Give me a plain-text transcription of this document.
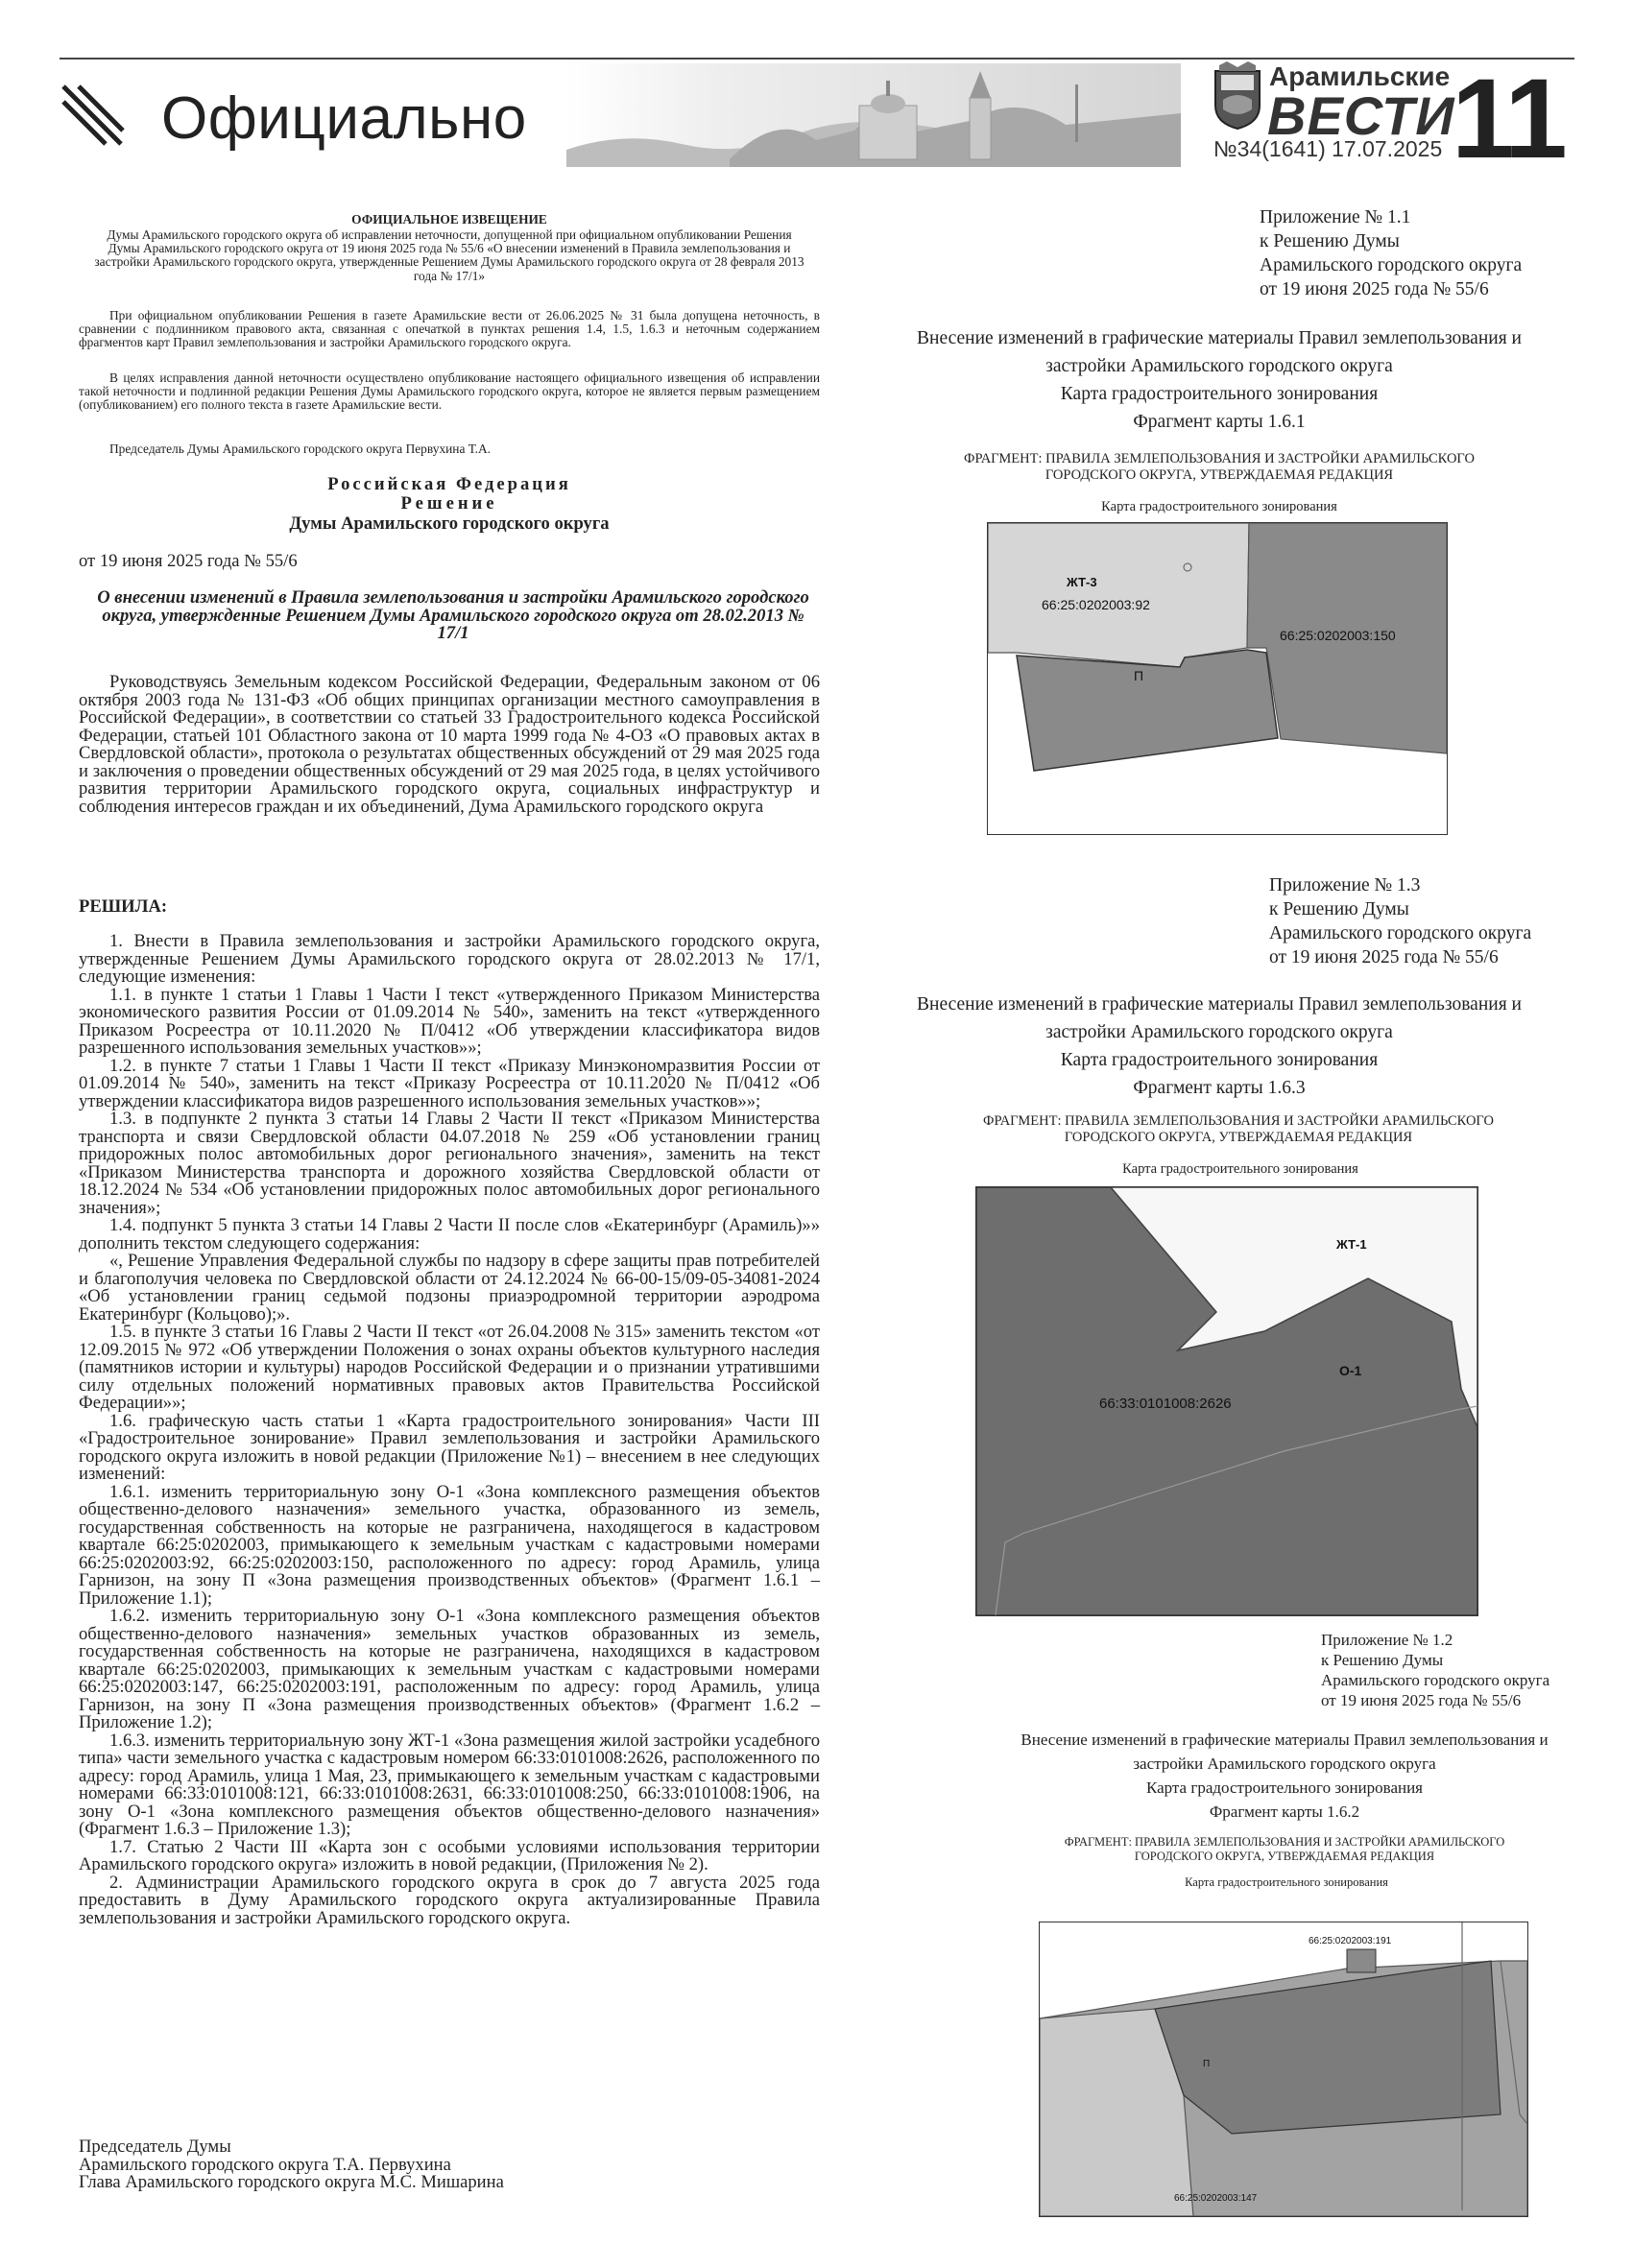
Официально
Арамильские
ВЕСТИ
№34(1641) 17.07.2025 11
ОФИЦИАЛЬНОЕ ИЗВЕЩЕНИЕ
Думы Арамильского городского округа об исправлении неточности, допущенной при официальном опубликовании Решения Думы Арамильского городского округа от 19 июня 2025 года № 55/6 «О внесении изменений в Правила землепользования и застройки Арамильского городского округа, утвержденные Решением Думы Арамильского городского округа от 28 февраля 2013 года № 17/1»
При официальном опубликовании Решения в газете Арамильские вести от 26.06.2025 № 31 была допущена неточность, в сравнении с подлинником правового акта, связанная с опечаткой в пунктах решения 1.4, 1.5, 1.6.3 и неточным содержанием фрагментов карт Правил землепользования и застройки Арамильского городского округа.
В целях исправления данной неточности осуществлено опубликование настоящего официального извещения об исправлении такой неточности и подлинной редакции Решения Думы Арамильского городского округа, которое не является первым размещением (опубликованием) его полного текста в газете Арамильские вести.
Председатель Думы Арамильского городского округа Первухина Т.А.
Российская Федерация
Решение
Думы Арамильского городского округа
от 19 июня 2025 года № 55/6
О внесении изменений в Правила землепользования и застройки Арамильского городского округа, утвержденные Решением Думы Арамильского городского округа от 28.02.2013 № 17/1
Руководствуясь Земельным кодексом Российской Федерации, Федеральным законом от 06 октября 2003 года № 131-ФЗ «Об общих принципах организации местного самоуправления в Российской Федерации», в соответствии со статьей 33 Градостроительного кодекса Российской Федерации, статьей 101 Областного закона от 10 марта 1999 года № 4-ОЗ «О правовых актах в Свердловской области», протокола о результатах общественных обсуждений от 29 мая 2025 года и заключения о проведении общественных обсуждений от 29 мая 2025 года, в целях устойчивого развития территории Арамильского городского округа, социальных инфраструктур и соблюдения интересов граждан и их объединений, Дума Арамильского городского округа
РЕШИЛА:

1. Внести в Правила землепользования и застройки Арамильского городского округа, утвержденные Решением Думы Арамильского городского округа от 28.02.2013 № 17/1, следующие изменения:

1.1. в пункте 1 статьи 1 Главы 1 Части I текст «утвержденного Приказом Министерства экономического развития России от 01.09.2014 № 540», заменить на текст «утвержденного Приказом Росреестра от 10.11.2020 № П/0412 «Об утверждении классификатора видов разрешенного использования земельных участков»»;

1.2. в пункте 7 статьи 1 Главы 1 Части II текст «Приказу Минэкономразвития России от 01.09.2014 № 540», заменить на текст «Приказу Росреестра от 10.11.2020 № П/0412 «Об утверждении классификатора видов разрешенного использования земельных участков»»;

1.3. в подпункте 2 пункта 3 статьи 14 Главы 2 Части II текст «Приказом Министерства транспорта и связи Свердловской области 04.07.2018 № 259 «Об установлении границ придорожных полос автомобильных дорог регионального значения», заменить на текст «Приказом Министерства транспорта и дорожного хозяйства Свердловской области от 18.12.2024 № 534 «Об установлении придорожных полос автомобильных дорог регионального значения»;

1.4. подпункт 5 пункта 3 статьи 14 Главы 2 Части II после слов «Екатеринбург (Арамиль)»» дополнить текстом следующего содержания:

«, Решение Управления Федеральной службы по надзору в сфере защиты прав потребителей и благополучия человека по Свердловской области от 24.12.2024 № 66-00-15/09-05-34081-2024 «Об установлении границ седьмой подзоны приаэродромной территории аэродрома Екатеринбург (Кольцово);».

1.5. в пункте 3 статьи 16 Главы 2 Части II текст «от 26.04.2008 № 315» заменить текстом «от 12.09.2015 № 972 «Об утверждении Положения о зонах охраны объектов культурного наследия (памятников истории и культуры) народов Российской Федерации и о признании утратившими силу отдельных положений нормативных правовых актов Правительства Российской Федерации»»;

1.6. графическую часть статьи 1 «Карта градостроительного зонирования» Части III «Градостроительное зонирование» Правил землепользования и застройки Арамильского городского округа изложить в новой редакции (Приложение №1) – внесением в нее следующих изменений:

1.6.1. изменить территориальную зону О-1 «Зона комплексного размещения объектов общественно-делового назначения» земельного участка, образованного из земель, государственная собственность на которые не разграничена, находящегося в кадастровом квартале 66:25:0202003, примыкающего к земельным участкам с кадастровыми номерами 66:25:0202003:92, 66:25:0202003:150, расположенного по адресу: город Арамиль, улица Гарнизон, на зону П «Зона размещения производственных объектов» (Фрагмент 1.6.1 – Приложение 1.1);

1.6.2. изменить территориальную зону О-1 «Зона комплексного размещения объектов общественно-делового назначения» земельных участков образованных из земель, государственная собственность на которые не разграничена, находящихся в кадастровом квартале 66:25:0202003, примыкающих к земельным участкам с кадастровыми номерами 66:25:0202003:147, 66:25:0202003:191, расположенным по адресу: город Арамиль, улица Гарнизон, на зону П «Зона размещения производственных объектов» (Фрагмент 1.6.2 – Приложение 1.2);

1.6.3. изменить территориальную зону ЖТ-1 «Зона размещения жилой застройки усадебного типа» части земельного участка с кадастровым номером 66:33:0101008:2626, расположенного по адресу: город Арамиль, улица 1 Мая, 23, примыкающего к земельным участкам с кадастровыми номерами 66:33:0101008:121, 66:33:0101008:2631, 66:33:0101008:250, 66:33:0101008:1906, на зону О-1 «Зона комплексного размещения объектов общественно-делового назначения» (Фрагмент 1.6.3 – Приложение 1.3);

1.7. Статью 2 Части III «Карта зон с особыми условиями использования территории Арамильского городского округа» изложить в новой редакции, (Приложения № 2).

2. Администрации Арамильского городского округа в срок до 7 августа 2025 года предоставить в Думу Арамильского городского округа актуализированные Правила землепользования и застройки Арамильского городского округа.

Председатель Думы

Арамильского городского округа Т.А. Первухина

Глава Арамильского городского округа М.С. Мишарина

Приложение № 1.1
к Решению Думы
Арамильского городского округа
от 19 июня 2025 года № 55/6
Внесение изменений в графические материалы Правил землепользования и
застройки Арамильского городского округа
Карта градостроительного зонирования
Фрагмент карты 1.6.1
ФРАГМЕНТ: ПРАВИЛА ЗЕМЛЕПОЛЬЗОВАНИЯ И ЗАСТРОЙКИ АРАМИЛЬСКОГО
ГОРОДСКОГО ОКРУГА, УТВЕРЖДАЕМАЯ РЕДАКЦИЯ
Карта градостроительного зонирования
ЖТ-3
66:25:0202003:92
66:25:0202003:150
П
Приложение № 1.3
к Решению Думы
Арамильского городского округа
от 19 июня 2025 года № 55/6
Внесение изменений в графические материалы Правил землепользования и
застройки Арамильского городского округа
Карта градостроительного зонирования
Фрагмент карты 1.6.3
ФРАГМЕНТ: ПРАВИЛА ЗЕМЛЕПОЛЬЗОВАНИЯ И ЗАСТРОЙКИ АРАМИЛЬСКОГО
ГОРОДСКОГО ОКРУГА, УТВЕРЖДАЕМАЯ РЕДАКЦИЯ
Карта градостроительного зонирования
ЖТ-1
О-1
66:33:0101008:2626
Приложение № 1.2
к Решению Думы
Арамильского городского округа
от 19 июня 2025 года № 55/6
Внесение изменений в графические материалы Правил землепользования и
застройки Арамильского городского округа
Карта градостроительного зонирования
Фрагмент карты 1.6.2
ФРАГМЕНТ: ПРАВИЛА ЗЕМЛЕПОЛЬЗОВАНИЯ И ЗАСТРОЙКИ АРАМИЛЬСКОГО
ГОРОДСКОГО ОКРУГА, УТВЕРЖДАЕМАЯ РЕДАКЦИЯ
Карта градостроительного зонирования
66:25:0202003:191
П
66:25:0202003:147
